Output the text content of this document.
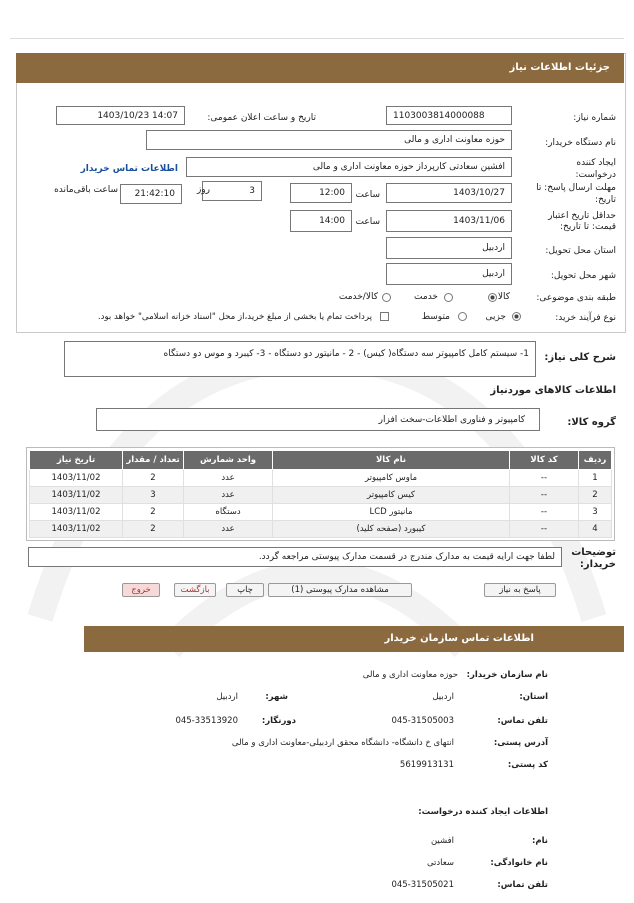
جزئیات اطلاعات نیاز
شماره نیاز:
1103003814000088
تاریخ و ساعت اعلان عمومی:
1403/10/23 14:07
نام دستگاه خریدار:
حوزه معاونت اداری و مالی
ایجاد کننده
درخواست:
افشین سعادتی کارپرداز حوزه معاونت اداری و مالی
اطلاعات تماس خریدار
مهلت ارسال پاسخ: تا
تاریخ:
1403/10/27
ساعت
12:00
3
روز
21:42:10
ساعت باقی‌مانده
حداقل تاریخ اعتبار
قیمت: تا تاریخ:
1403/11/06
ساعت
14:00
استان محل تحویل:
اردبیل
شهر محل تحویل:
اردبیل
طبقه بندی موضوعی:
کالا
خدمت
کالا/خدمت
نوع فرآیند خرید:
جزیی
متوسط
پرداخت تمام یا بخشی از مبلغ خرید،از محل "اسناد خزانه اسلامی" خواهد بود.
شرح کلی نیاز:
1- سیستم کامل کامپیوتر سه دستگاه( کیس) - 2 - مانیتور دو دستگاه - 3- کیبرد و موس دو دستگاه
اطلاعات کالاهای موردنیاز
گروه کالا:
کامپیوتر و فناوری اطلاعات-سخت افزار
ردیف	کد کالا	نام کالا	واحد شمارش	تعداد / مقدار	تاریخ نیاز
1	--	ماوس کامپیوتر	عدد	2	1403/11/02
2	--	کیس کامپیوتر	عدد	3	1403/11/02
3	--	مانیتور LCD	دستگاه	2	1403/11/02
4	--	کیبورد (صفحه کلید)	عدد	2	1403/11/02
توضیحات
خریدار:
لطفا جهت ارایه قیمت به مدارک مندرج در قسمت مدارک پیوستی مراجعه گردد.
پاسخ به نیاز
مشاهده مدارک پیوستی (1)
چاپ
بازگشت
خروج
اطلاعات تماس سازمان خریدار
نام سازمان خریدار:
حوزه معاونت اداری و مالی
استان:
اردبیل
شهر:
اردبیل
تلفن تماس:
045-31505003
دورنگار:
045-33513920
آدرس پستی:
انتهای خ دانشگاه- دانشگاه محقق اردبیلی-معاونت اداری و مالی
کد پستی:
5619913131
اطلاعات ایجاد کننده درخواست:
نام:
افشین
نام خانوادگی:
سعادتی
تلفن تماس:
045-31505021
